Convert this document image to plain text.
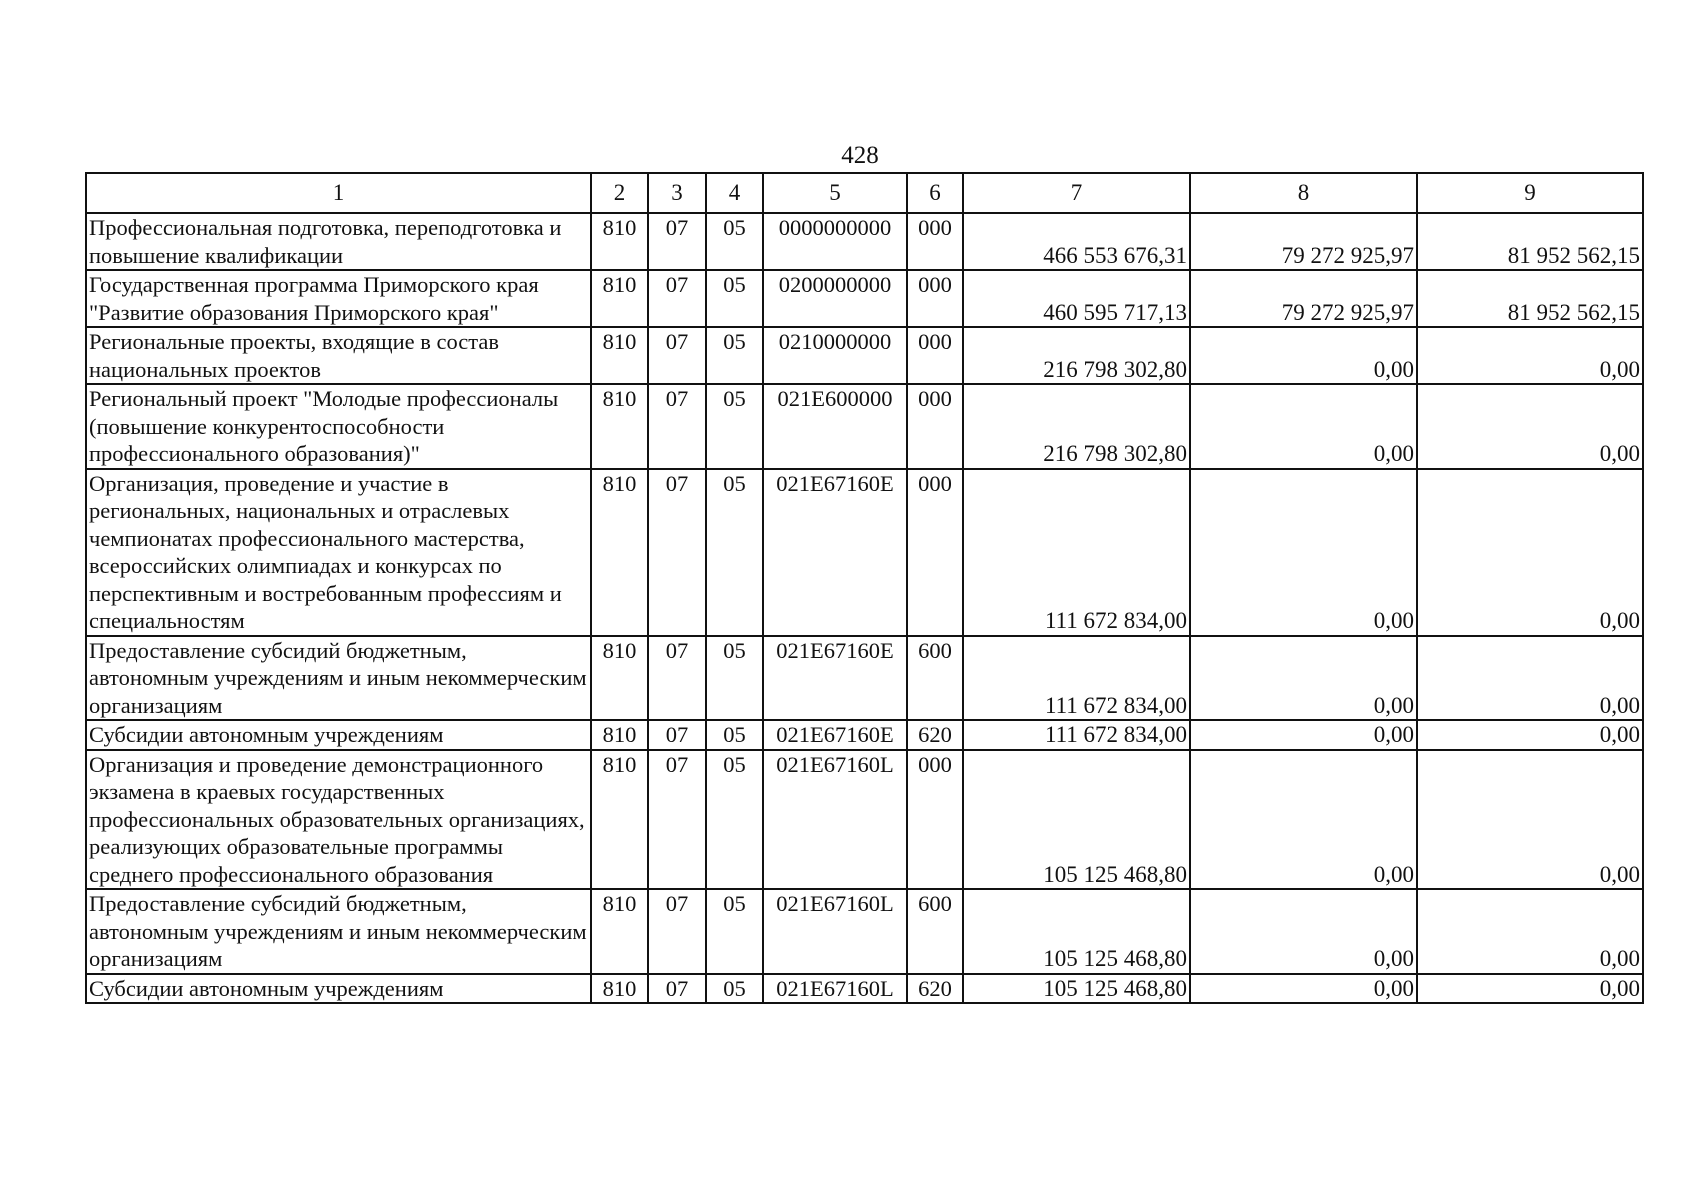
428
1	2	3	4	5	6	7	8	9
Профессиональная подготовка, переподготовка и повышение квалификации	810	07	05	0000000000	000	466 553 676,31	79 272 925,97	81 952 562,15
Государственная программа Приморского края "Развитие образования Приморского края"	810	07	05	0200000000	000	460 595 717,13	79 272 925,97	81 952 562,15
Региональные проекты, входящие в состав национальных проектов	810	07	05	0210000000	000	216 798 302,80	0,00	0,00
Региональный проект "Молодые профессионалы (повышение конкурентоспособности профессионального образования)"	810	07	05	021E600000	000	216 798 302,80	0,00	0,00
Организация, проведение и участие в региональных, национальных и отраслевых чемпионатах профессионального мастерства, всероссийских олимпиадах и конкурсах по перспективным и востребованным профессиям и специальностям	810	07	05	021E67160E	000	111 672 834,00	0,00	0,00
Предоставление субсидий бюджетным, автономным учреждениям и иным некоммерческим организациям	810	07	05	021E67160E	600	111 672 834,00	0,00	0,00
Субсидии автономным учреждениям	810	07	05	021E67160E	620	111 672 834,00	0,00	0,00
Организация и проведение демонстрационного экзамена в краевых государственных профессиональных образовательных организациях, реализующих образовательные программы среднего профессионального образования	810	07	05	021E67160L	000	105 125 468,80	0,00	0,00
Предоставление субсидий бюджетным, автономным учреждениям и иным некоммерческим организациям	810	07	05	021E67160L	600	105 125 468,80	0,00	0,00
Субсидии автономным учреждениям	810	07	05	021E67160L	620	105 125 468,80	0,00	0,00
